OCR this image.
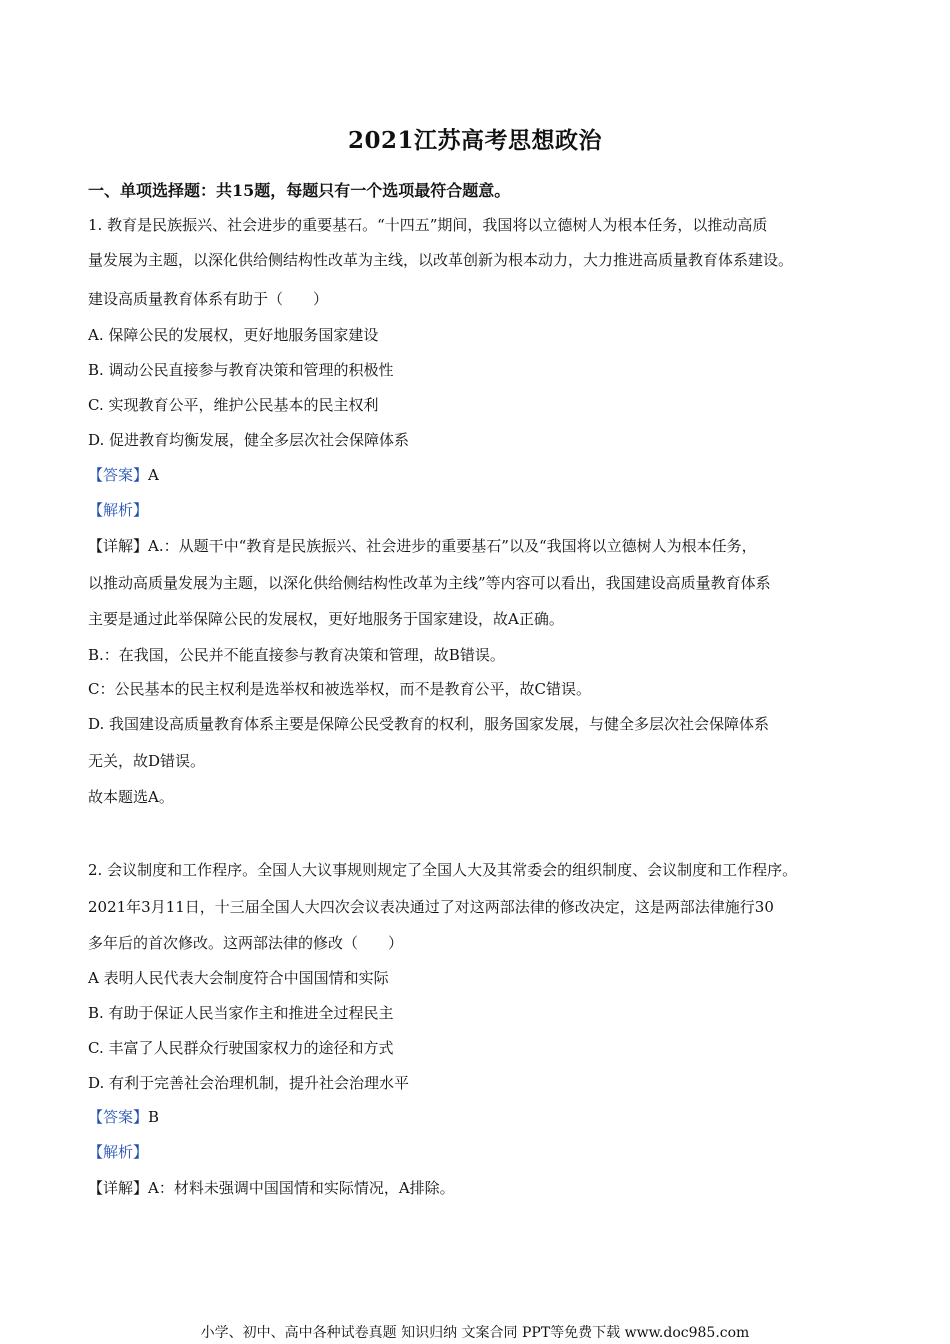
2021江苏高考思想政治
一、单项选择题：共15题，每题只有一个选项最符合题意。
1. 教育是民族振兴、社会进步的重要基石。“十四五”期间，我国将以立德树人为根本任务，以推动高质
量发展为主题，以深化供给侧结构性改革为主线，以改革创新为根本动力，大力推进高质量教育体系建设。
建设高质量教育体系有助于（　　）
A. 保障公民的发展权，更好地服务国家建设
B. 调动公民直接参与教育决策和管理的积极性
C. 实现教育公平，维护公民基本的民主权利
D. 促进教育均衡发展，健全多层次社会保障体系
【答案】A
【解析】
【详解】A.：从题干中“教育是民族振兴、社会进步的重要基石”以及“我国将以立德树人为根本任务，
以推动高质量发展为主题，以深化供给侧结构性改革为主线”等内容可以看出，我国建设高质量教育体系
主要是通过此举保障公民的发展权，更好地服务于国家建设，故A正确。
B.：在我国，公民并不能直接参与教育决策和管理，故B错误。
C：公民基本的民主权利是选举权和被选举权，而不是教育公平，故C错误。
D. 我国建设高质量教育体系主要是保障公民受教育的权利，服务国家发展，与健全多层次社会保障体系
无关，故D错误。
故本题选A。
2. 会议制度和工作程序。全国人大议事规则规定了全国人大及其常委会的组织制度、会议制度和工作程序。
2021年3月11日，十三届全国人大四次会议表决通过了对这两部法律的修改决定，这是两部法律施行30
多年后的首次修改。这两部法律的修改（　　）
A 表明人民代表大会制度符合中国国情和实际
B. 有助于保证人民当家作主和推进全过程民主
C. 丰富了人民群众行驶国家权力的途径和方式
D. 有利于完善社会治理机制，提升社会治理水平
【答案】B
【解析】
【详解】A：材料未强调中国国情和实际情况，A排除。
小学、初中、高中各种试卷真题 知识归纳 文案合同 PPT等免费下载 www.doc985.com
